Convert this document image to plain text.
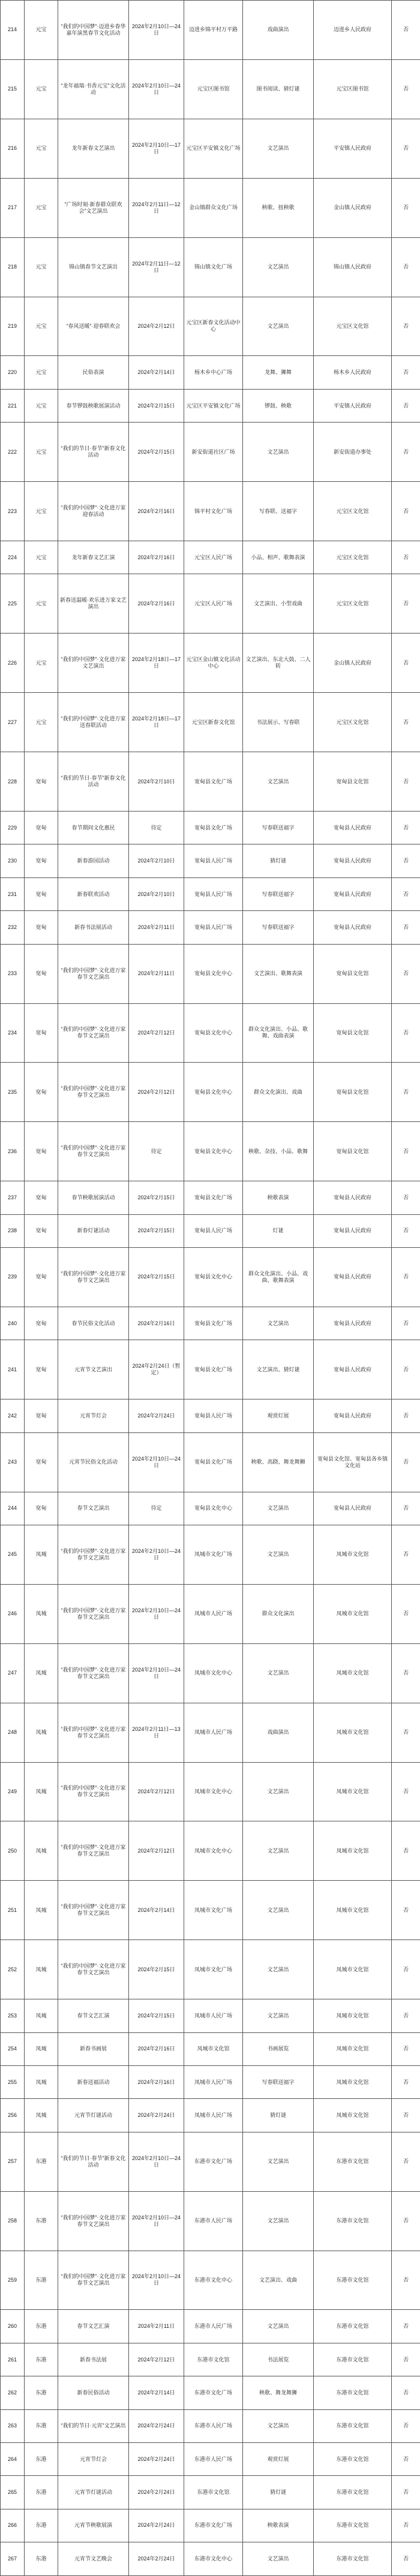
214	元宝	“我们的中国梦”·迈进乡春华嘉年演黑春节文化活动	2024年2月10日—24日	迈进乡锦平村万平路	戏曲演出	迈进乡人民政府	否
215	元宝	“龙年福瑞·书香元宝”文化活动	2024年2月10日—24日	元宝区图书馆	图书阅读、猜灯谜	元宝区图书馆	否
216	元宝	龙年新春文艺演出	2024年2月10日—17日	元宝区平安镇文化广场	文艺演出	平安镇人民政府	否
217	元宝	“广场时刻·新春群众联欢会”文艺演出	2024年2月11日—12日	金山镇群众文化广场	秧歌、扭秧歌	金山镇人民政府	否
218	元宝	锦山镇春节文艺演出	2024年2月11日—12日	锦山镇文化广场	文艺演出	锦山镇人民政府	否
219	元宝	“春风送暖”·迎春联欢会	2024年2月12日	元宝区新春文化活动中心	文艺演出	元宝区文化馆	否
220	元宝	民俗表演	2024年2月14日	杨木乡中心广场	龙舞、狮舞	杨木乡人民政府	否
221	元宝	春节锣鼓秧歌展演活动	2024年2月15日	元宝区平安镇文化广场	锣鼓、秧歌	平安镇人民政府	否
222	元宝	“我们的节日·春节”新春文化活动	2024年2月15日	新安街道社区广场	文艺演出	新安街道办事处	否
223	元宝	“我们的中国梦”·文化进万家迎春活动	2024年2月16日	锦平村文化广场	写春联、送福字	元宝区文化馆	否
224	元宝	龙年新春文艺汇演	2024年2月16日	元宝区人民广场	小品、相声、歌舞表演	元宝区文化馆	否
225	元宝	新春送温暖·欢乐进万家文艺演出	2024年2月16日	元宝区人民广场	文艺演出、小型戏曲	元宝区文化馆	否
226	元宝	“我们的中国梦”·文化进万家文艺演出	2024年2月18日—17日	元宝区金山镇文化活动中心	文艺演出、东北大鼓、二人转	金山镇人民政府	否
227	元宝	“我们的中国梦”·文化进万家送春联活动	2024年2月18日—17日	元宝区新春文化馆	书法展示、写春联	元宝区文化馆	否
228	宽甸	“我们的节日·春节”新春文化活动	2024年2月10日	宽甸县文化广场	文艺演出	宽甸县文化馆	否
229	宽甸	春节期间文化惠民	待定	宽甸县文化广场	写春联送福字	宽甸县人民政府	否
230	宽甸	新春游园活动	2024年2月10日	宽甸县人民广场	猜灯谜	宽甸县人民政府	否
231	宽甸	新春联欢活动	2024年2月10日	宽甸县人民广场	写春联送福字	宽甸县人民政府	否
232	宽甸	新春书法展活动	2024年2月11日	宽甸县人民广场	写春联送福字	宽甸县人民政府	否
233	宽甸	“我们的中国梦”·文化进万家春节文艺演出	2024年2月11日	宽甸县文化中心	文艺演出、歌舞表演	宽甸县文化馆	否
234	宽甸	“我们的中国梦”·文化进万家春节文艺演出	2024年2月12日	宽甸县文化中心	群众文化演出、小品、歌舞、戏曲表演	宽甸县文化馆	否
235	宽甸	“我们的中国梦”·文化进万家春节文艺演出	2024年2月12日	宽甸县文化中心	群众文化演出、戏曲	宽甸县文化馆	否
236	宽甸	“我们的中国梦”·文化进万家春节文艺演出	待定	宽甸县文化中心	秧歌、杂技、小品、歌舞	宽甸县文化馆	否
237	宽甸	春节秧歌展演活动	2024年2月15日	宽甸县文化广场	秧歌表演	宽甸县人民政府	否
238	宽甸	新春灯谜活动	2024年2月15日	宽甸县人民广场	灯谜	宽甸县人民政府	否
239	宽甸	“我们的中国梦”·文化进万家春节文艺演出	2024年2月15日	宽甸县文化中心	群众文化演出、小品、戏曲、歌舞表演	宽甸县人民政府	否
240	宽甸	春节民俗文化活动	2024年2月16日	宽甸县文化广场	文艺演出	宽甸县人民政府	否
241	宽甸	元宵节文艺演出	2024年2月24日（暂定）	宽甸县文化广场	文艺演出、猜灯谜	宽甸县人民政府	否
242	宽甸	元宵节灯会	2024年2月24日	宽甸县人民广场	观赏灯展	宽甸县人民政府	否
243	宽甸	元宵节民俗文化活动	2024年2月10日—24日	宽甸县文化广场	秧歌、高跷、舞龙舞狮	宽甸县文化馆、宽甸县各乡镇文化站	否
244	宽甸	春节文艺演出	待定	宽甸县文化中心	文艺演出	宽甸县人民政府	否
245	凤城	“我们的中国梦”·文化进万家春节文艺演出	2024年2月10日—24日	凤城市文化广场	文艺演出	凤城市文化馆	否
246	凤城	“我们的中国梦”·文化进万家春节文艺演出	2024年2月10日—24日	凤城市人民广场	群众文化演出	凤城市文化馆	否
247	凤城	“我们的中国梦”·文化进万家春节文艺演出	2024年2月10日—24日	凤城市文化中心	文艺演出	凤城市文化馆	否
248	凤城	“我们的中国梦”·文化进万家春节文艺演出	2024年2月11日—13日	凤城市人民广场	戏曲演出	凤城市文化馆	否
249	凤城	“我们的中国梦”·文化进万家春节文艺演出	2024年2月12日	凤城市文化中心	文艺演出	凤城市文化馆	否
250	凤城	“我们的中国梦”·文化进万家春节文艺演出	2024年2月12日	凤城市文化中心	文艺演出	凤城市文化馆	否
251	凤城	“我们的中国梦”·文化进万家春节文艺演出	2024年2月14日	凤城市文化广场	文艺演出	凤城市文化馆	否
252	凤城	“我们的中国梦”·文化进万家春节文艺演出	2024年2月15日	凤城市文化广场	文艺演出	凤城市文化馆	否
253	凤城	春节文艺汇演	2024年2月15日	凤城市人民广场	文艺演出	凤城市文化馆	否
254	凤城	新春书画展	2024年2月16日	凤城市文化馆	书画展览	凤城市文化馆	否
255	凤城	新春送福活动	2024年2月16日	凤城市人民广场	写春联送福字	凤城市文化馆	否
256	凤城	元宵节灯谜活动	2024年2月24日	凤城市人民广场	猜灯谜	凤城市文化馆	否
257	东港	“我们的节日·春节”新春文化活动	2024年2月10日—24日	东港市文化广场	文艺演出	东港市文化馆	否
258	东港	“我们的中国梦”·文化进万家春节文艺演出	2024年2月10日—24日	东港市人民广场	文艺演出	东港市文化馆	否
259	东港	“我们的中国梦”·文化进万家春节文艺演出	2024年2月10日—24日	东港市文化中心	文艺演出、戏曲	东港市文化馆	否
260	东港	春节文艺汇演	2024年2月11日	东港市人民广场	文艺演出	东港市文化馆	否
261	东港	新春书法展	2024年2月12日	东港市文化馆	书法展览	东港市文化馆	否
262	东港	新春民俗活动	2024年2月14日	东港市文化广场	秧歌、舞龙舞狮	东港市文化馆	否
263	东港	“我们的节日·元宵”文艺演出	2024年2月24日	东港市人民广场	文艺演出	东港市文化馆	否
264	东港	元宵节灯会	2024年2月24日	东港市人民广场	观赏灯展	东港市文化馆	否
265	东港	元宵节灯谜活动	2024年2月24日	东港市文化馆	猜灯谜	东港市文化馆	否
266	东港	元宵节秧歌展演	2024年2月24日	东港市文化广场	秧歌表演	东港市文化馆	否
267	东港	元宵节文艺晚会	2024年2月24日	东港市文化中心	文艺演出	东港市文化馆	否
